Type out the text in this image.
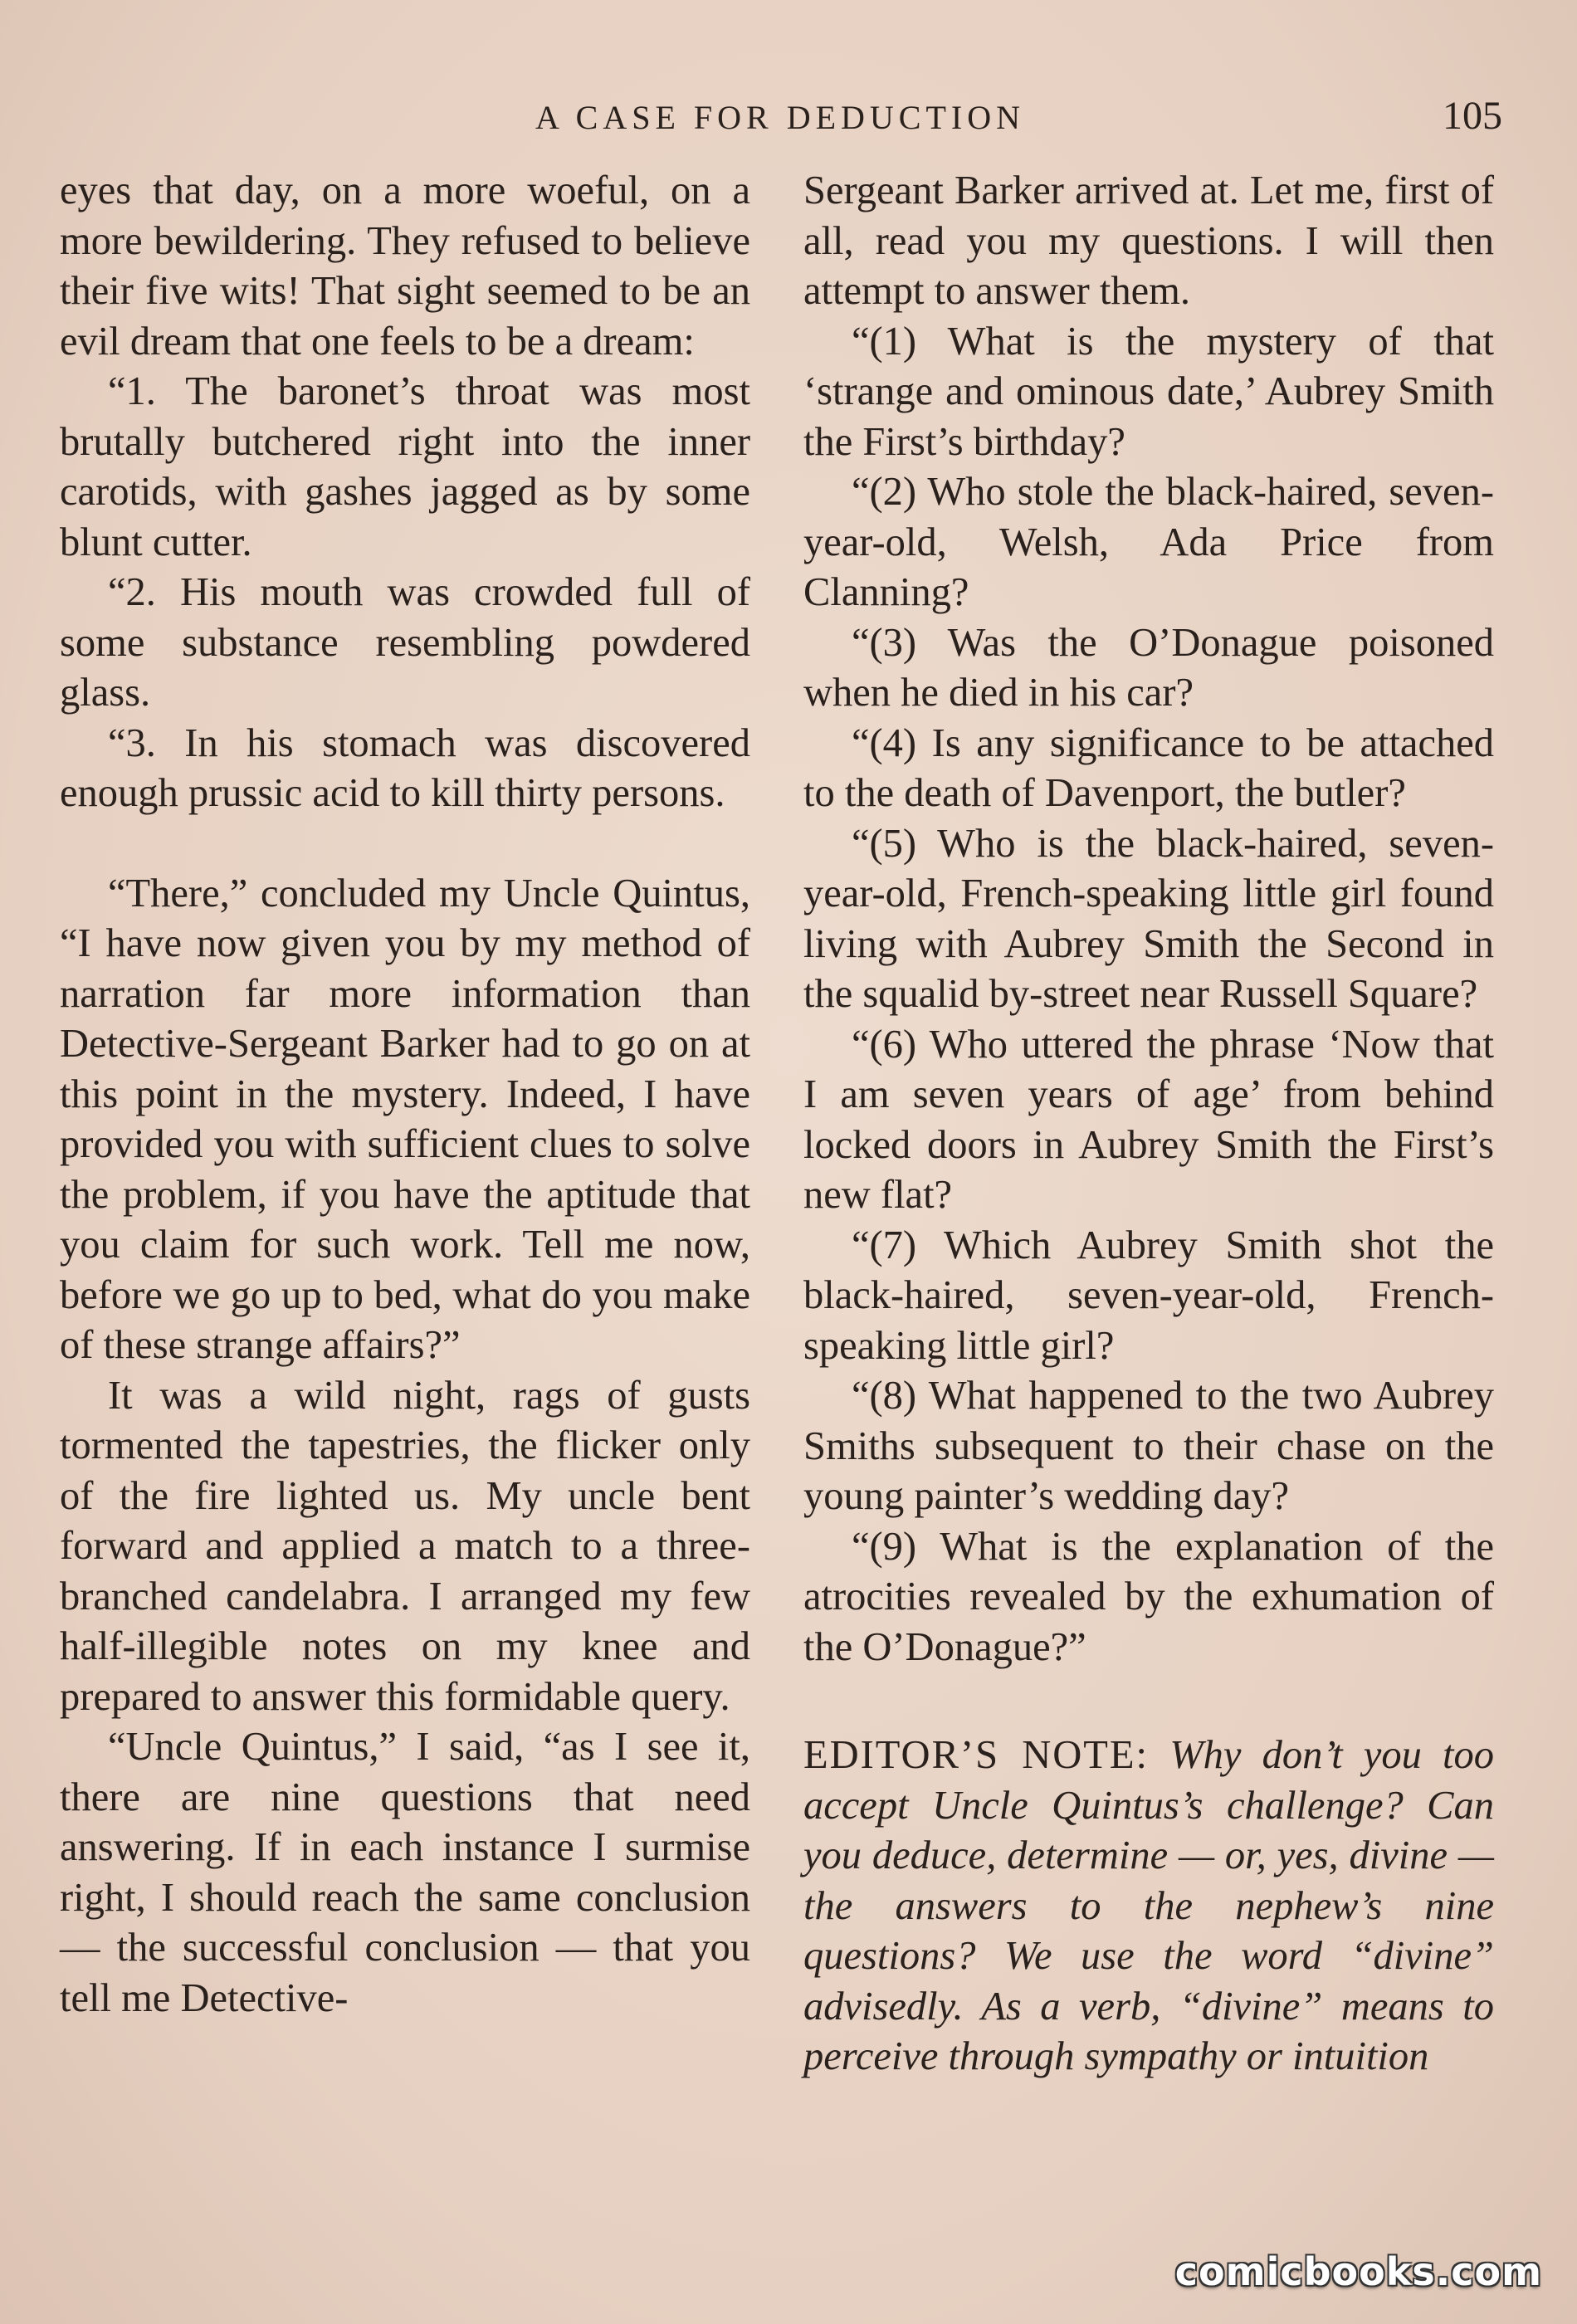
A CASE FOR DEDUCTION	105

eyes that day, on a more woeful, on a more bewildering. They refused to believe their five wits! That sight seemed to be an evil dream that one feels to be a dream:

“1. The baronet’s throat was most brutally butchered right into the inner carotids, with gashes jagged as by some blunt cutter.

“2. His mouth was crowded full of some substance resembling powdered glass.

“3. In his stomach was discovered enough prussic acid to kill thirty persons.

“There,” concluded my Uncle Quintus, “I have now given you by my method of narration far more information than Detective-Sergeant Barker had to go on at this point in the mystery. Indeed, I have provided you with sufficient clues to solve the problem, if you have the aptitude that you claim for such work. Tell me now, before we go up to bed, what do you make of these strange affairs?”

It was a wild night, rags of gusts tormented the tapestries, the flicker only of the fire lighted us. My uncle bent forward and applied a match to a three-branched candelabra. I arranged my few half-illegible notes on my knee and prepared to answer this formidable query.

“Uncle Quintus,” I said, “as I see it, there are nine questions that need answering. If in each instance I surmise right, I should reach the same conclusion — the successful conclusion — that you tell me Detective-

Sergeant Barker arrived at. Let me, first of all, read you my questions. I will then attempt to answer them.

“(1) What is the mystery of that ‘strange and ominous date,’ Aubrey Smith the First’s birthday?

“(2) Who stole the black-haired, seven-year-old, Welsh, Ada Price from Clanning?

“(3) Was the O’Donague poisoned when he died in his car?

“(4) Is any significance to be attached to the death of Davenport, the butler?

“(5) Who is the black-haired, seven-year-old, French-speaking little girl found living with Aubrey Smith the Second in the squalid by-street near Russell Square?

“(6) Who uttered the phrase ‘Now that I am seven years of age’ from behind locked doors in Aubrey Smith the First’s new flat?

“(7) Which Aubrey Smith shot the black-haired, seven-year-old, French-speaking little girl?

“(8) What happened to the two Aubrey Smiths subsequent to their chase on the young painter’s wedding day?

“(9) What is the explanation of the atrocities revealed by the exhumation of the O’Donague?”

EDITOR’S NOTE: Why don’t you too accept Uncle Quintus’s challenge? Can you deduce, determine — or, yes, divine — the answers to the nephew’s nine questions? We use the word “divine” advisedly. As a verb, “divine” means to perceive through sympathy or intuition

comicbooks.com
